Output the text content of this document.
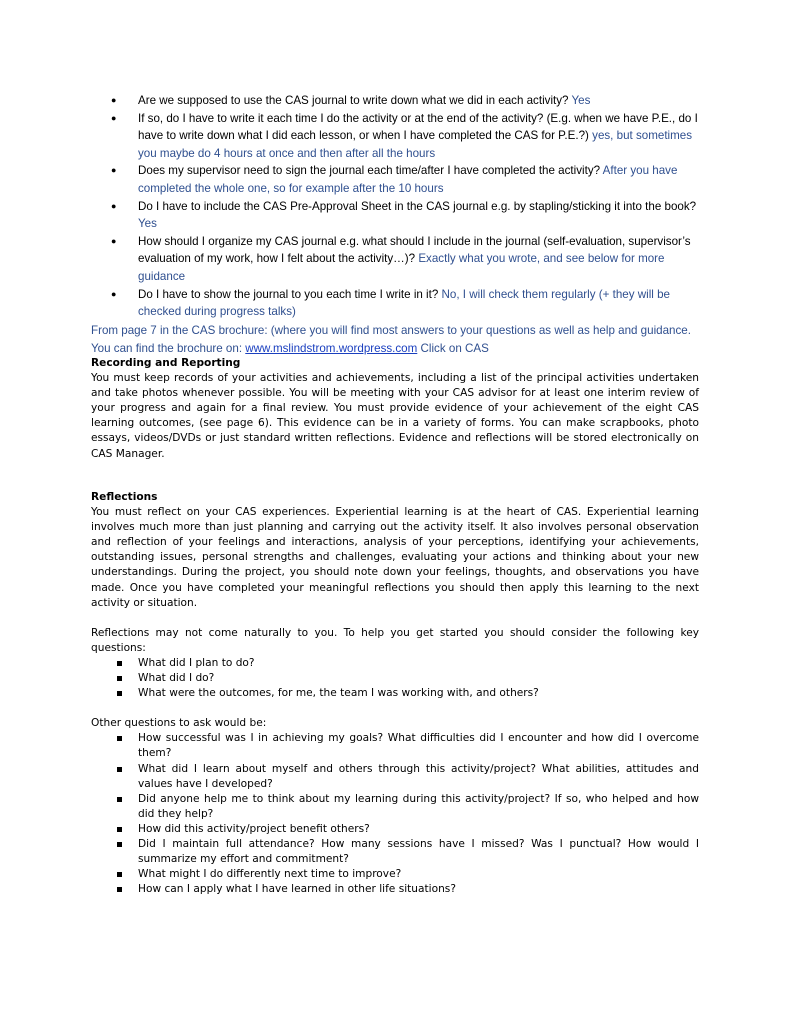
● Are we supposed to use the CAS journal to write down what we did in each activity? Yes
● If so, do I have to write it each time I do the activity or at the end of the activity? (E.g. when we have P.E., do I have to write down what I did each lesson, or when I have completed the CAS for P.E.?) yes, but sometimes you maybe do 4 hours at once and then after all the hours
● Does my supervisor need to sign the journal each time/after I have completed the activity? After you have completed the whole one, so for example after the 10 hours
● Do I have to include the CAS Pre-Approval Sheet in the CAS journal e.g. by stapling/sticking it into the book? Yes
● How should I organize my CAS journal e.g. what should I include in the journal (self-evaluation, supervisor’s evaluation of my work, how I felt about the activity…)? Exactly what you wrote, and see below for more guidance
● Do I have to show the journal to you each time I write in it? No, I will check them regularly (+ they will be checked during progress talks)
From page 7 in the CAS brochure: (where you will find most answers to your questions as well as help and guidance. You can find the brochure on: www.mslindstrom.wordpress.com Click on CAS
Recording and Reporting

You must keep records of your activities and achievements, including a list of the principal activities undertaken and take photos whenever possible. You will be meeting with your CAS advisor for at least one interim review of your progress and again for a final review. You must provide evidence of your achievement of the eight CAS learning outcomes, (see page 6). This evidence can be in a variety of forms. You can make scrapbooks, photo essays, videos/DVDs or just standard written reflections. Evidence and reflections will be stored electronically on CAS Manager.

Reflections

You must reflect on your CAS experiences. Experiential learning is at the heart of CAS. Experiential learning involves much more than just planning and carrying out the activity itself. It also involves personal observation and reflection of your feelings and interactions, analysis of your perceptions, identifying your achievements, outstanding issues, personal strengths and challenges, evaluating your actions and thinking about your new understandings. During the project, you should note down your feelings, thoughts, and observations you have made. Once you have completed your meaningful reflections you should then apply this learning to the next activity or situation.

Reflections may not come naturally to you. To help you get started you should consider the following key questions:

What did I plan to do?
What did I do?
What were the outcomes, for me, the team I was working with, and others?

Other questions to ask would be:

How successful was I in achieving my goals? What difficulties did I encounter and how did I overcome them?
What did I learn about myself and others through this activity/project? What abilities, attitudes and values have I developed?
Did anyone help me to think about my learning during this activity/project? If so, who helped and how did they help?
How did this activity/project benefit others?
Did I maintain full attendance? How many sessions have I missed? Was I punctual? How would I summarize my effort and commitment?
What might I do differently next time to improve?
How can I apply what I have learned in other life situations?
